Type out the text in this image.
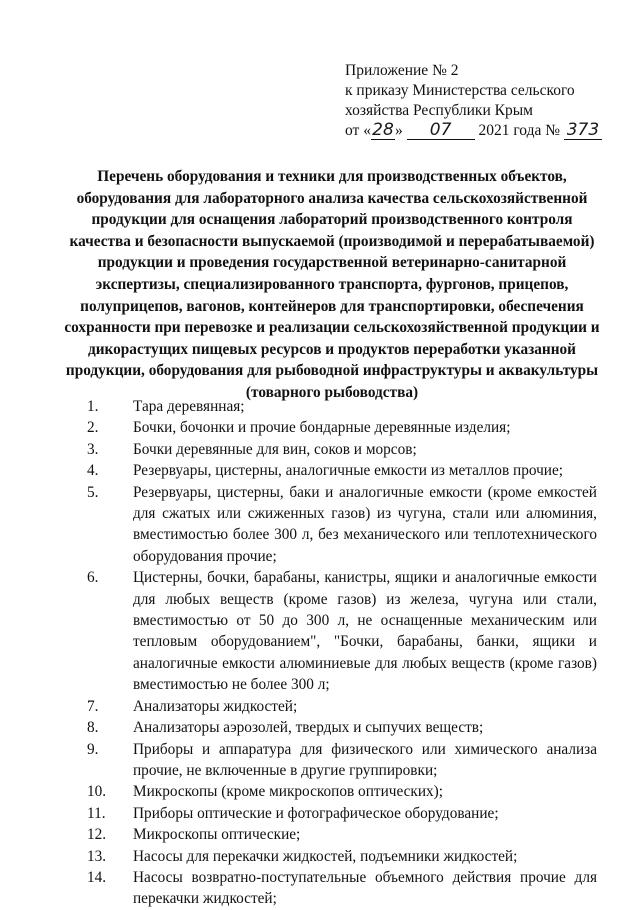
Приложение № 2
к приказу Министерства сельского
хозяйства Республики Крым
от «28» 07 2021 года № 373
Перечень оборудования и техники для производственных объектов, оборудования для лабораторного анализа качества сельскохозяйственной продукции для оснащения лабораторий производственного контроля качества и безопасности выпускаемой (производимой и перерабатываемой) продукции и проведения государственной ветеринарно-санитарной экспертизы, специализированного транспорта, фургонов, прицепов, полуприцепов, вагонов, контейнеров для транспортировки, обеспечения сохранности при перевозке и реализации сельскохозяйственной продукции и дикорастущих пищевых ресурсов и продуктов переработки указанной продукции, оборудования для рыбоводной инфраструктуры и аквакультуры (товарного рыбоводства)
1. Тара деревянная;
2. Бочки, бочонки и прочие бондарные деревянные изделия;
3. Бочки деревянные для вин, соков и морсов;
4. Резервуары, цистерны, аналогичные емкости из металлов прочие;
5. Резервуары, цистерны, баки и аналогичные емкости (кроме емкостей для сжатых или сжиженных газов) из чугуна, стали или алюминия, вместимостью более 300 л, без механического или теплотехнического оборудования прочие;
6. Цистерны, бочки, барабаны, канистры, ящики и аналогичные емкости для любых веществ (кроме газов) из железа, чугуна или стали, вместимостью от 50 до 300 л, не оснащенные механическим или тепловым оборудованием", "Бочки, барабаны, банки, ящики и аналогичные емкости алюминиевые для любых веществ (кроме газов) вместимостью не более 300 л;
7. Анализаторы жидкостей;
8. Анализаторы аэрозолей, твердых и сыпучих веществ;
9. Приборы и аппаратура для физического или химического анализа прочие, не включенные в другие группировки;
10. Микроскопы (кроме микроскопов оптических);
11. Приборы оптические и фотографическое оборудование;
12. Микроскопы оптические;
13. Насосы для перекачки жидкостей, подъемники жидкостей;
14. Насосы возвратно-поступательные объемного действия прочие для перекачки жидкостей;
